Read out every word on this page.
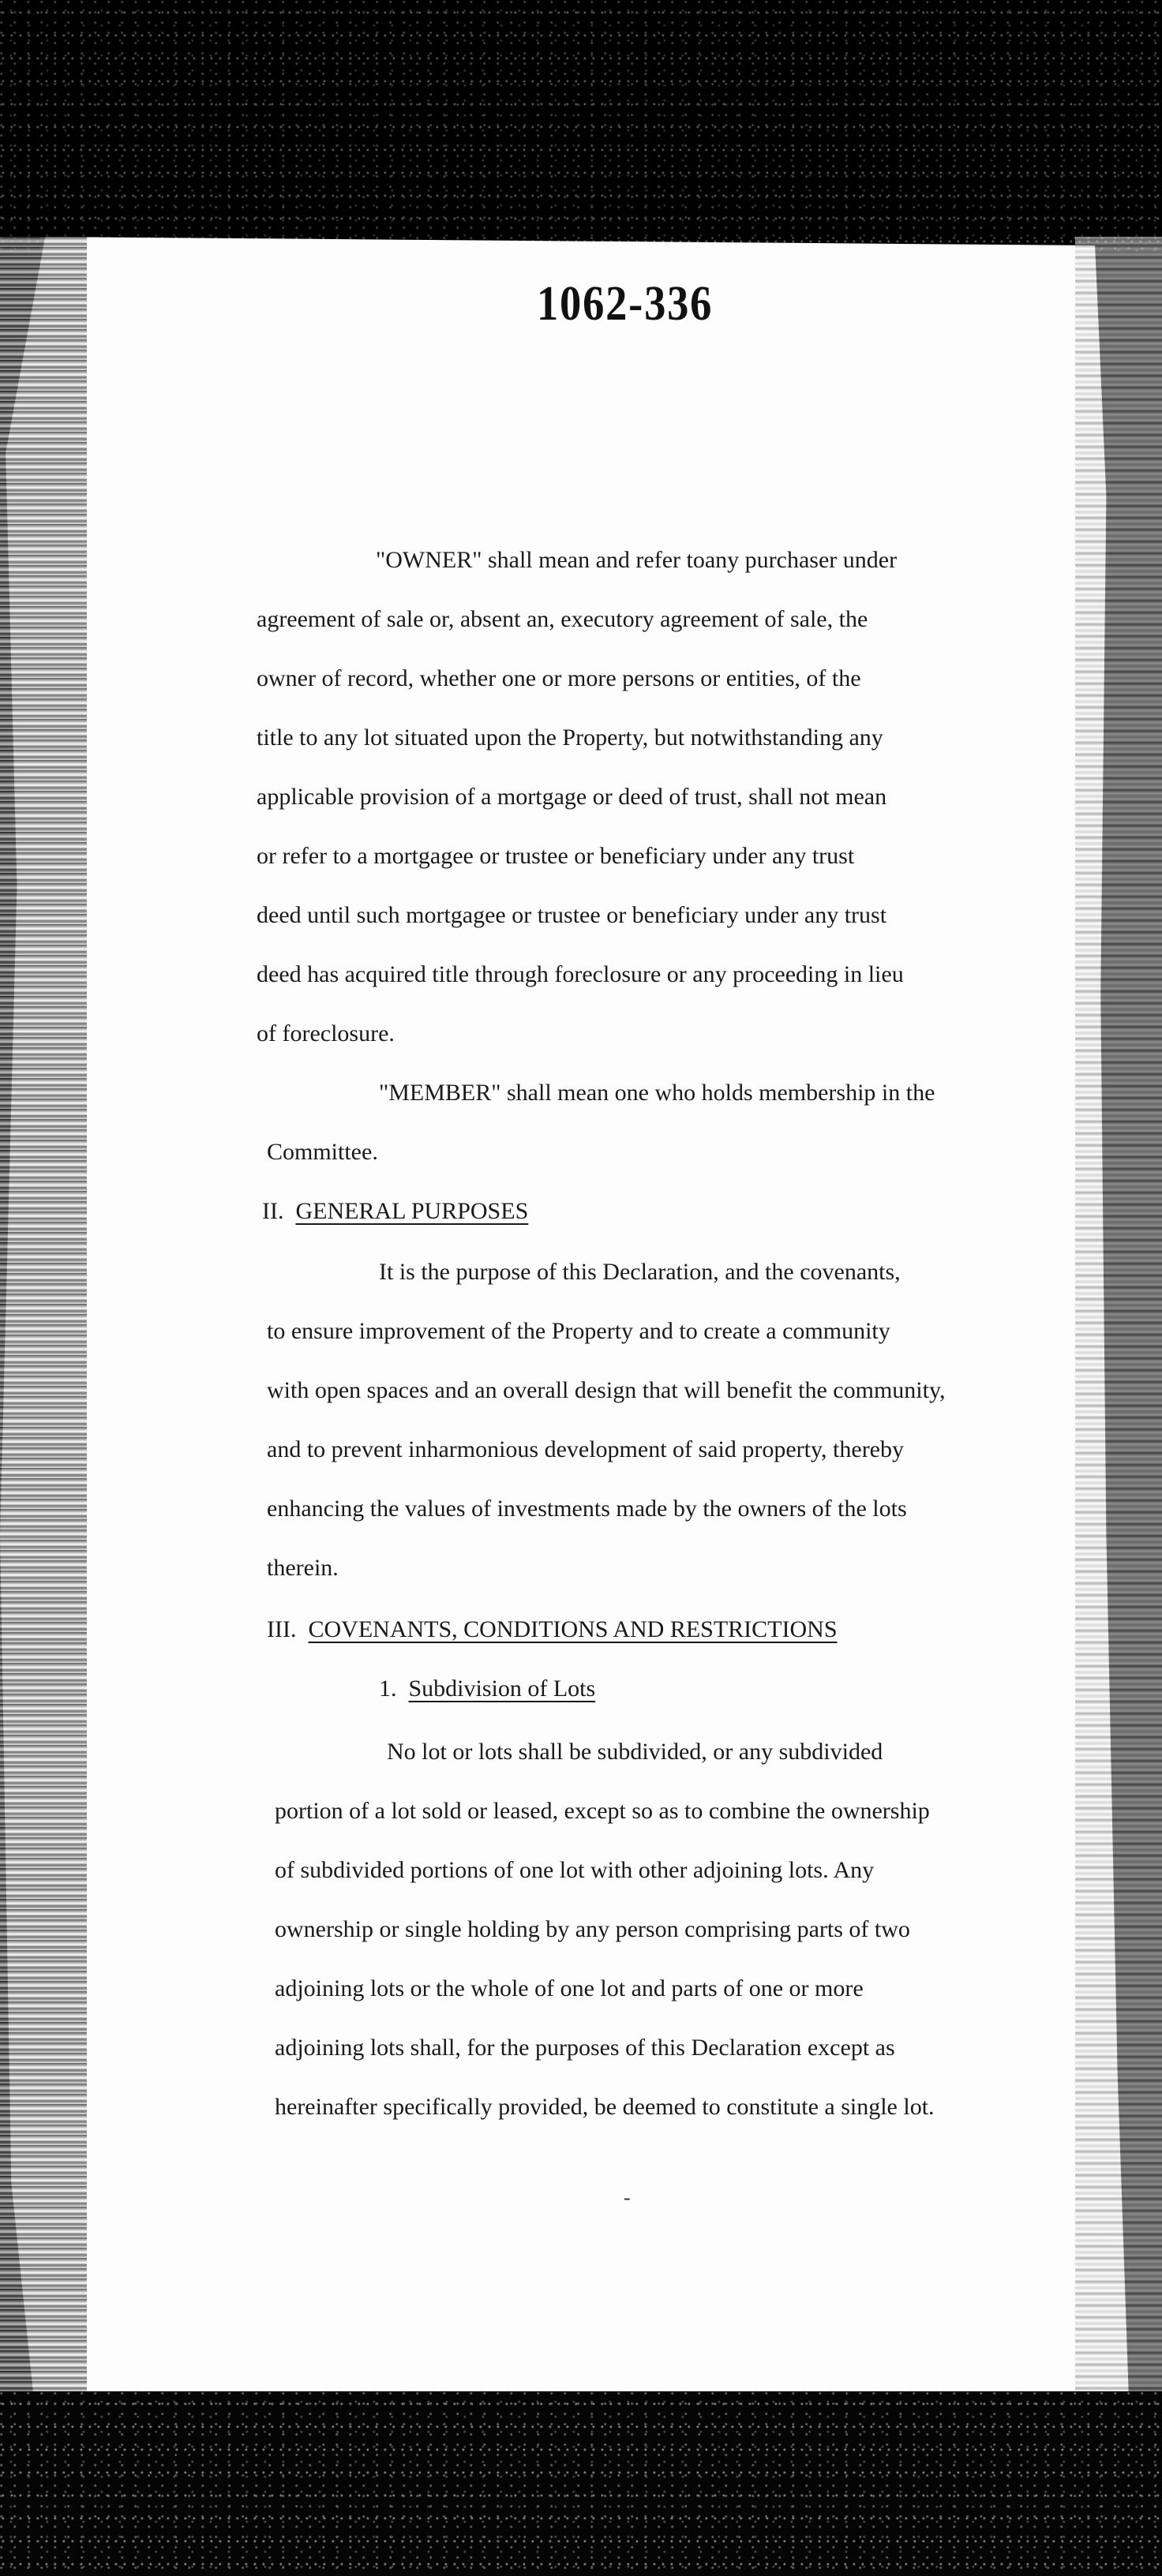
1062-336
"OWNER" shall mean and refer toany purchaser under
agreement of sale or, absent an, executory agreement of sale, the
owner of record, whether one or more persons or entities, of the
title to any lot situated upon the Property, but notwithstanding any
applicable provision of a mortgage or deed of trust, shall not mean
or refer to a mortgagee or trustee or beneficiary under any trust
deed until such mortgagee or trustee or beneficiary under any trust
deed has acquired title through foreclosure or any proceeding in lieu
of foreclosure.
"MEMBER" shall mean one who holds membership in the
Committee.
II. GENERAL PURPOSES
It is the purpose of this Declaration, and the covenants,
to ensure improvement of the Property and to create a community
with open spaces and an overall design that will benefit the community,
and to prevent inharmonious development of said property, thereby
enhancing the values of investments made by the owners of the lots
therein.
III. COVENANTS, CONDITIONS AND RESTRICTIONS
1. Subdivision of Lots
No lot or lots shall be subdivided, or any subdivided
portion of a lot sold or leased, except so as to combine the ownership
of subdivided portions of one lot with other adjoining lots. Any
ownership or single holding by any person comprising parts of two
adjoining lots or the whole of one lot and parts of one or more
adjoining lots shall, for the purposes of this Declaration except as
hereinafter specifically provided, be deemed to constitute a single lot.
-
